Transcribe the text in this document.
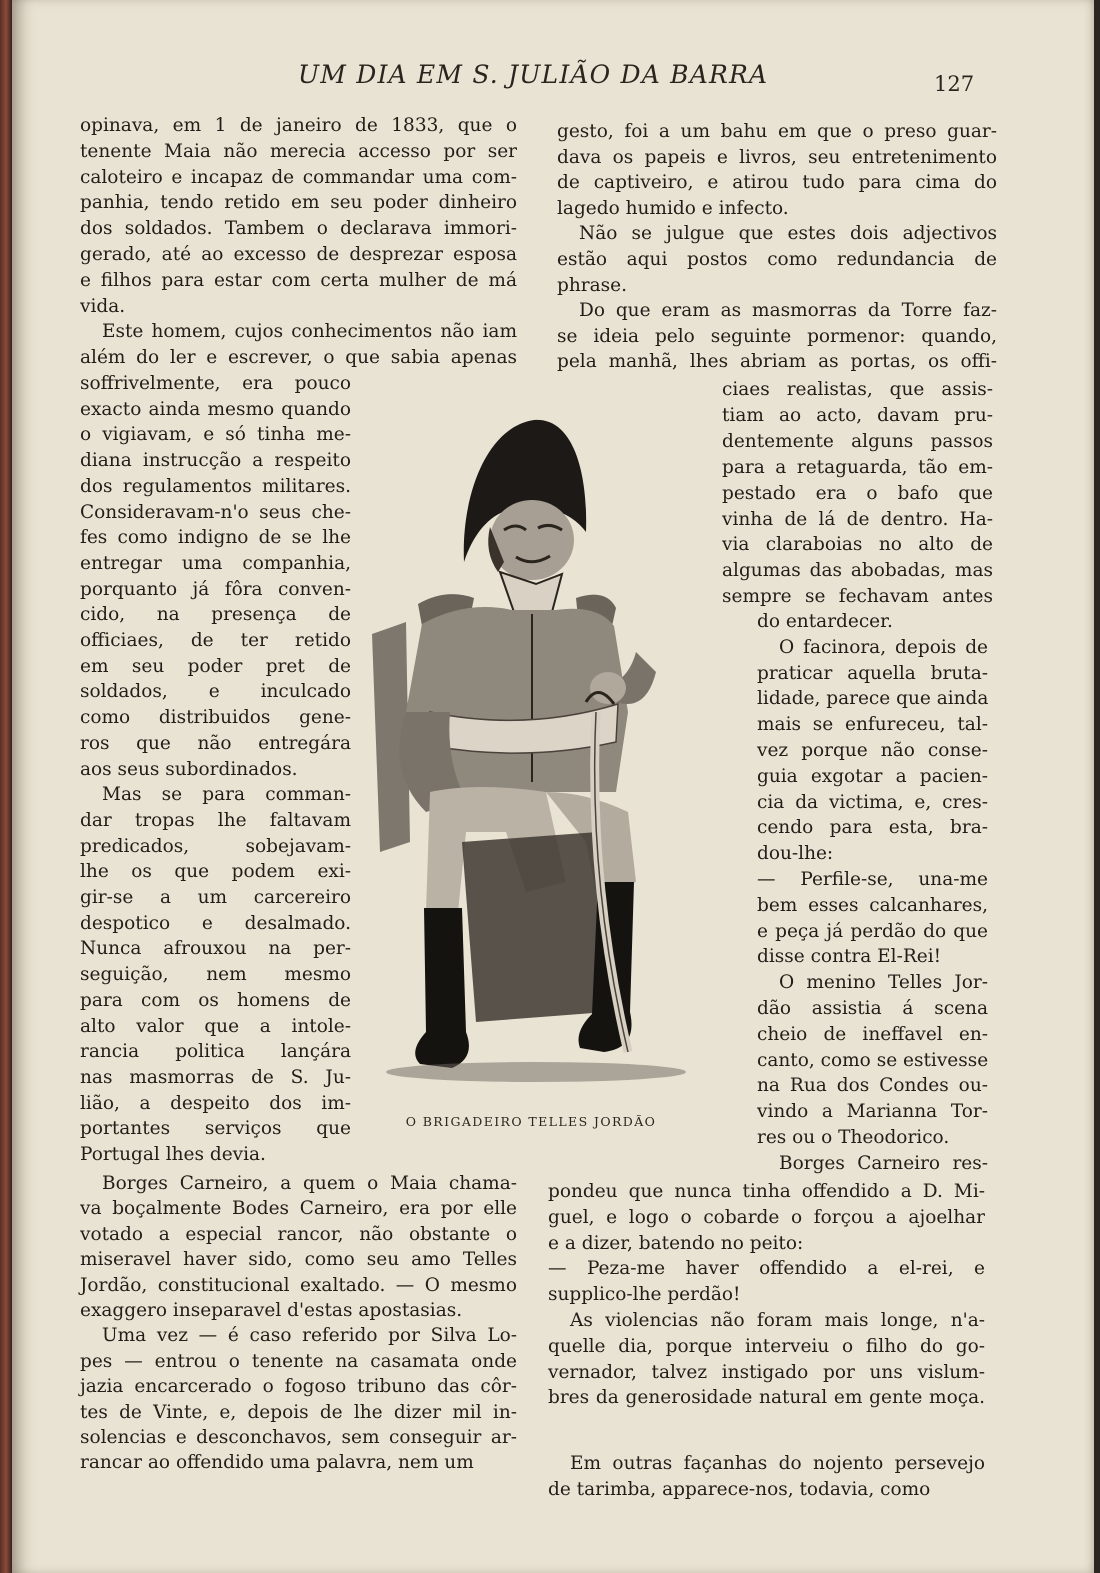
UM DIA EM S. JULIÃO DA BARRA	127
opinava, em 1 de janeiro de 1833, que o
tenente Maia não merecia accesso por ser
caloteiro e incapaz de commandar uma com-
panhia, tendo retido em seu poder dinheiro
dos soldados. Tambem o declarava immori-
gerado, até ao excesso de desprezar esposa
e filhos para estar com certa mulher de má
vida.
Este homem, cujos conhecimentos não iam
além do ler e escrever, o que sabia apenas
soffrivelmente, era pouco
exacto ainda mesmo quando
o vigiavam, e só tinha me-
diana instrucção a respeito
dos regulamentos militares.
Consideravam-n'o seus che-
fes como indigno de se lhe
entregar uma companhia,
porquanto já fôra conven-
cido, na presença de
officiaes, de ter retido
em seu poder pret de
soldados, e inculcado
como distribuidos gene-
ros que não entregára
aos seus subordinados.
Mas se para comman-
dar tropas lhe faltavam
predicados, sobejavam-
lhe os que podem exi-
gir-se a um carcereiro
despotico e desalmado.
Nunca afrouxou na per-
seguição, nem mesmo
para com os homens de
alto valor que a intole-
rancia politica lançára
nas masmorras de S. Ju-
lião, a despeito dos im-
portantes serviços que
Portugal lhes devia.
Borges Carneiro, a quem o Maia chama-
va boçalmente Bodes Carneiro, era por elle
votado a especial rancor, não obstante o
miseravel haver sido, como seu amo Telles
Jordão, constitucional exaltado. — O mesmo
exaggero inseparavel d'estas apostasias.
Uma vez — é caso referido por Silva Lo-
pes — entrou o tenente na casamata onde
jazia encarcerado o fogoso tribuno das côr-
tes de Vinte, e, depois de lhe dizer mil in-
solencias e desconchavos, sem conseguir ar-
rancar ao offendido uma palavra, nem um
gesto, foi a um bahu em que o preso guar-
dava os papeis e livros, seu entretenimento
de captiveiro, e atirou tudo para cima do
lagedo humido e infecto.
Não se julgue que estes dois adjectivos
estão aqui postos como redundancia de
phrase.
Do que eram as masmorras da Torre faz-
se ideia pelo seguinte pormenor: quando,
pela manhã, lhes abriam as portas, os offi-
ciaes realistas, que assis-
tiam ao acto, davam pru-
dentemente alguns passos
para a retaguarda, tão em-
pestado era o bafo que
vinha de lá de dentro. Ha-
via claraboias no alto de
algumas das abobadas, mas
sempre se fechavam antes
do entardecer.
O facinora, depois de
praticar aquella bruta-
lidade, parece que ainda
mais se enfureceu, tal-
vez porque não conse-
guia exgotar a pacien-
cia da victima, e, cres-
cendo para esta, bra-
dou-lhe:
— Perfile-se, una-me
bem esses calcanhares,
e peça já perdão do que
disse contra El-Rei!
O menino Telles Jor-
dão assistia á scena
cheio de ineffavel en-
canto, como se estivesse
na Rua dos Condes ou-
vindo a Marianna Tor-
res ou o Theodorico.
Borges Carneiro res-
pondeu que nunca tinha offendido a D. Mi-
guel, e logo o cobarde o forçou a ajoelhar
e a dizer, batendo no peito:
— Peza-me haver offendido a el-rei, e
supplico-lhe perdão!
As violencias não foram mais longe, n'a-
quelle dia, porque interveiu o filho do go-
vernador, talvez instigado por uns vislum-
bres da generosidade natural em gente moça.
Em outras façanhas do nojento persevejo
de tarimba, apparece-nos, todavia, como
O BRIGADEIRO TELLES JORDÃO
